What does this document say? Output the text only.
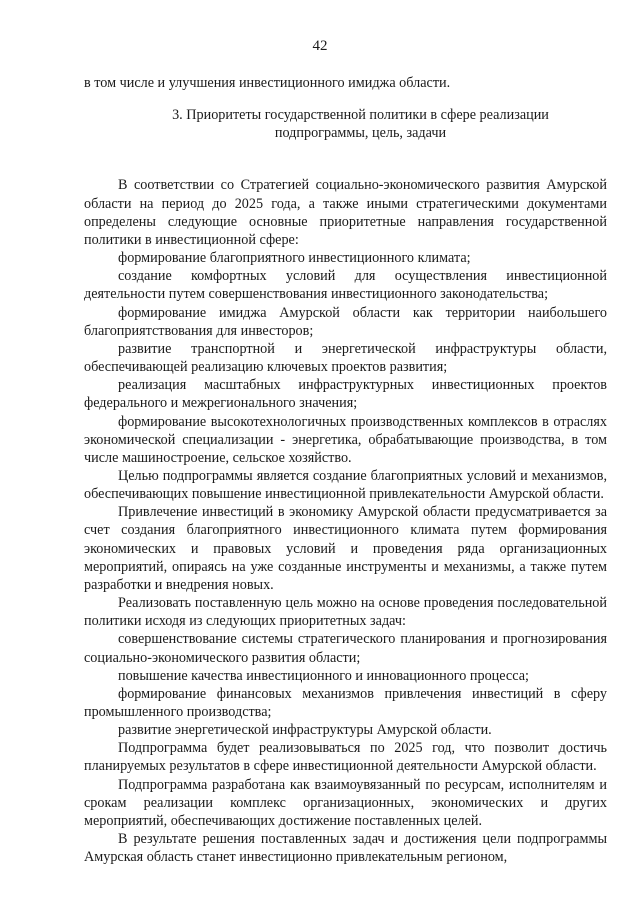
42

в том числе и улучшения инвестиционного имиджа области.

3. Приоритеты государственной политики в сфере реализации подпрограммы, цель, задачи

В соответствии со Стратегией социально-экономического развития Амурской области на период до 2025 года, а также иными стратегическими документами определены следующие основные приоритетные направления государственной политики в инвестиционной сфере:

формирование благоприятного инвестиционного климата;

создание комфортных условий для осуществления инвестиционной деятельности путем совершенствования инвестиционного законодательства;

формирование имиджа Амурской области как территории наибольшего благоприятствования для инвесторов;

развитие транспортной и энергетической инфраструктуры области, обеспечивающей реализацию ключевых проектов развития;

реализация масштабных инфраструктурных инвестиционных проектов федерального и межрегионального значения;

формирование высокотехнологичных производственных комплексов в отраслях экономической специализации - энергетика, обрабатывающие производства, в том числе машиностроение, сельское хозяйство.

Целью подпрограммы является создание благоприятных условий и механизмов, обеспечивающих повышение инвестиционной привлекательности Амурской области.

Привлечение инвестиций в экономику Амурской области предусматривается за счет создания благоприятного инвестиционного климата путем формирования экономических и правовых условий и проведения ряда организационных мероприятий, опираясь на уже созданные инструменты и механизмы, а также путем разработки и внедрения новых.

Реализовать поставленную цель можно на основе проведения последовательной политики исходя из следующих приоритетных задач:

совершенствование системы стратегического планирования и прогнозирования социально-экономического развития области;

повышение качества инвестиционного и инновационного процесса;

формирование финансовых механизмов привлечения инвестиций в сферу промышленного производства;

развитие энергетической инфраструктуры Амурской области.

Подпрограмма будет реализовываться по 2025 год, что позволит достичь планируемых результатов в сфере инвестиционной деятельности Амурской области.

Подпрограмма разработана как взаимоувязанный по ресурсам, исполнителям и срокам реализации комплекс организационных, экономических и других мероприятий, обеспечивающих достижение поставленных целей.

В результате решения поставленных задач и достижения цели подпрограммы Амурская область станет инвестиционно привлекательным регионом,
